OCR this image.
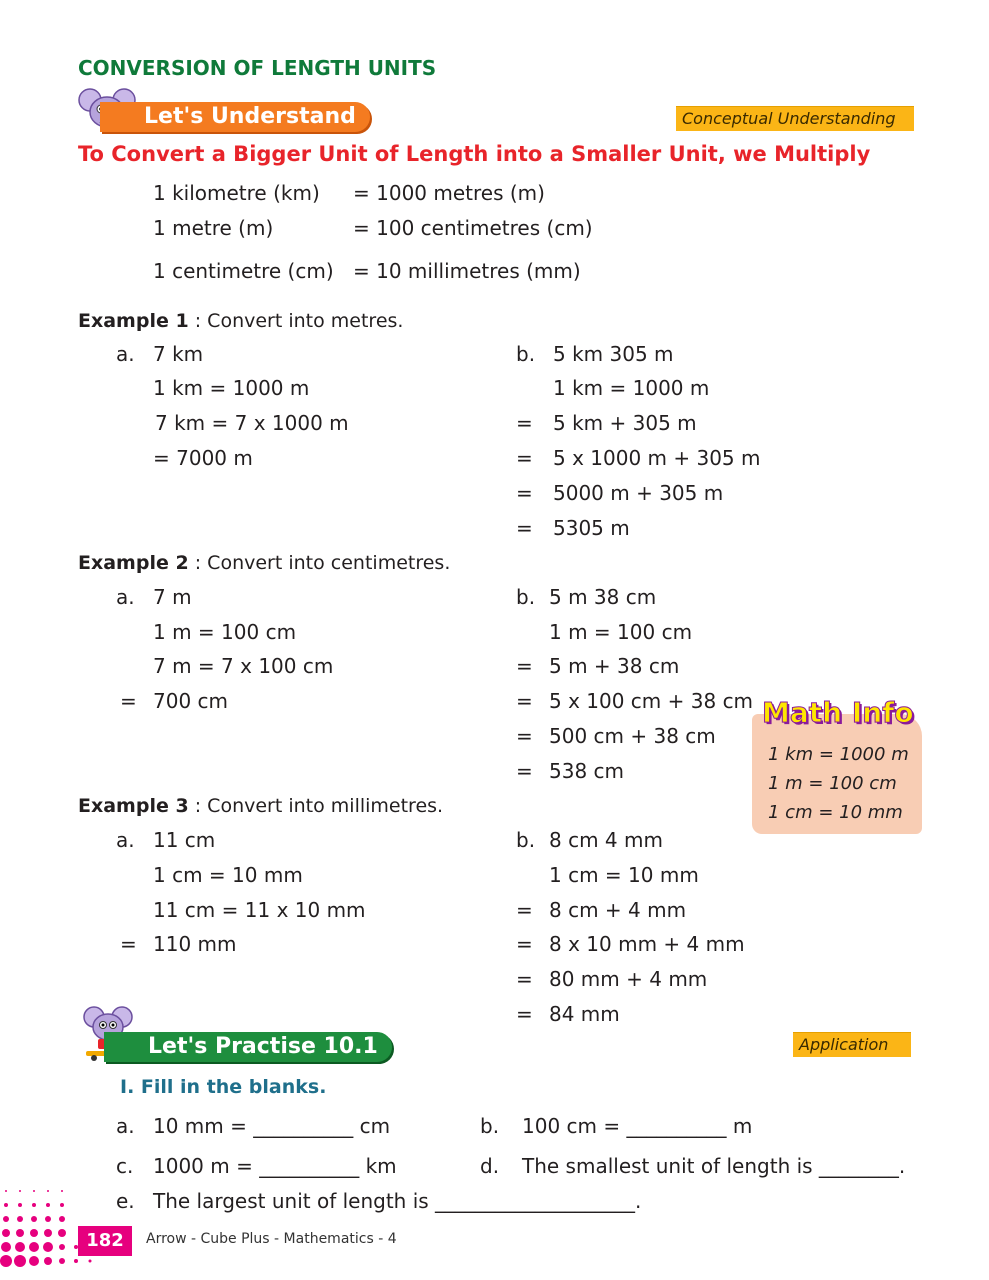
CONVERSION OF LENGTH UNITS
Let's Understand	Conceptual Understanding
To Convert a Bigger Unit of Length into a Smaller Unit, we Multiply
1 kilometre (km) = 1000 metres (m)
1 metre (m)	= 100 centimetres (cm)
1 centimetre (cm) = 10 millimetres (mm)
Example 1 : Convert into metres.
a. 7 km
1 km = 1000 m
7 km = 7 x 1000 m
= 7000 m
b. 5 km 305 m
1 km = 1000 m
= 5 km + 305 m
= 5 x 1000 m + 305 m
= 5000 m + 305 m
= 5305 m
Example 2 : Convert into centimetres.
a. 7 m
1 m = 100 cm
7 m = 7 x 100 cm
= 700 cm
b. 5 m 38 cm
1 m = 100 cm
= 5 m + 38 cm
= 5 x 100 cm + 38 cm
= 500 cm + 38 cm
= 538 cm
Math Info
1 km = 1000 m
1 m = 100 cm
1 cm = 10 mm
Example 3 : Convert into millimetres.
a. 11 cm
1 cm = 10 mm
11 cm = 11 x 10 mm
= 110 mm
b. 8 cm 4 mm
1 cm = 10 mm
= 8 cm + 4 mm
= 8 x 10 mm + 4 mm
= 80 mm + 4 mm
= 84 mm
Let's Practise 10.1	Application
I. Fill in the blanks.
a. 10 mm = __________ cm	b. 100 cm = __________ m
c. 1000 m = __________ km	d. The smallest unit of length is ________.
e. The largest unit of length is ____________________.
182	Arrow - Cube Plus - Mathematics - 4
